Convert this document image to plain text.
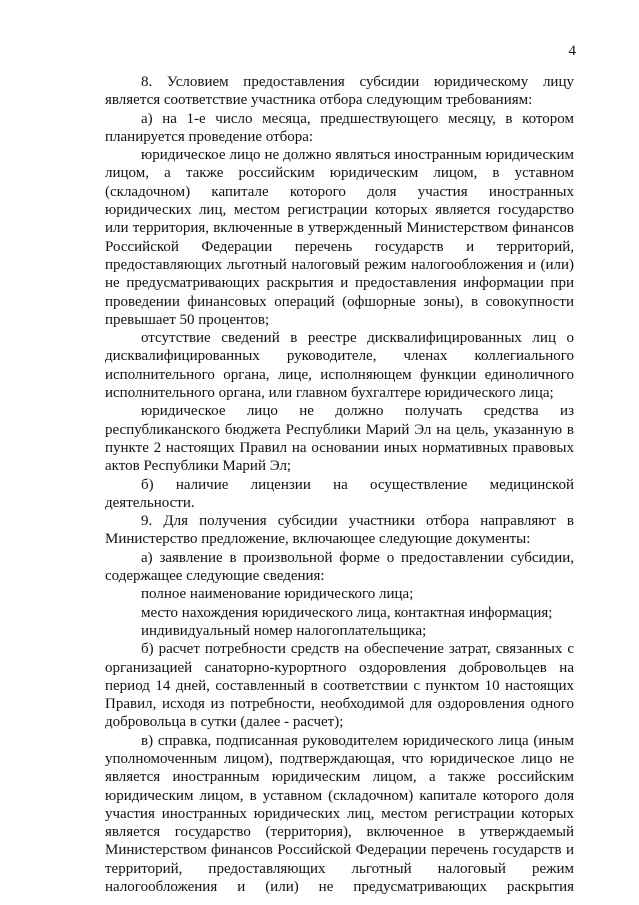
4

8. Условием предоставления субсидии юридическому лицу является соответствие участника отбора следующим требованиям:

а) на 1-е число месяца, предшествующего месяцу, в котором планируется проведение отбора:

юридическое лицо не должно являться иностранным юридическим лицом, а также российским юридическим лицом, в уставном (складочном) капитале которого доля участия иностранных юридических лиц, местом регистрации которых является государство или территория, включенные в утвержденный Министерством финансов Российской Федерации перечень государств и территорий, предоставляющих льготный налоговый режим налогообложения и (или) не предусматривающих раскрытия и предоставления информации при проведении финансовых операций (офшорные зоны), в совокупности превышает 50 процентов;

отсутствие сведений в реестре дисквалифицированных лиц о дисквалифицированных руководителе, членах коллегиального исполнительного органа, лице, исполняющем функции единоличного исполнительного органа, или главном бухгалтере юридического лица;

юридическое лицо не должно получать средства из республиканского бюджета Республики Марий Эл на цель, указанную в пункте 2 настоящих Правил на основании иных нормативных правовых актов Республики Марий Эл;

б) наличие лицензии на осуществление медицинской деятельности.

9. Для получения субсидии участники отбора направляют в Министерство предложение, включающее следующие документы:

а) заявление в произвольной форме о предоставлении субсидии, содержащее следующие сведения:

полное наименование юридического лица;

место нахождения юридического лица, контактная информация;

индивидуальный номер налогоплательщика;

б) расчет потребности средств на обеспечение затрат, связанных с организацией санаторно-курортного оздоровления добровольцев на период 14 дней, составленный в соответствии с пунктом 10 настоящих Правил, исходя из потребности, необходимой для оздоровления одного добровольца в сутки (далее - расчет);

в) справка, подписанная руководителем юридического лица (иным уполномоченным лицом), подтверждающая, что юридическое лицо не является иностранным юридическим лицом, а также российским юридическим лицом, в уставном (складочном) капитале которого доля участия иностранных юридических лиц, местом регистрации которых является государство (территория), включенное в утверждаемый Министерством финансов Российской Федерации перечень государств и территорий, предоставляющих льготный налоговый режим налогообложения и (или) не предусматривающих раскрытия
